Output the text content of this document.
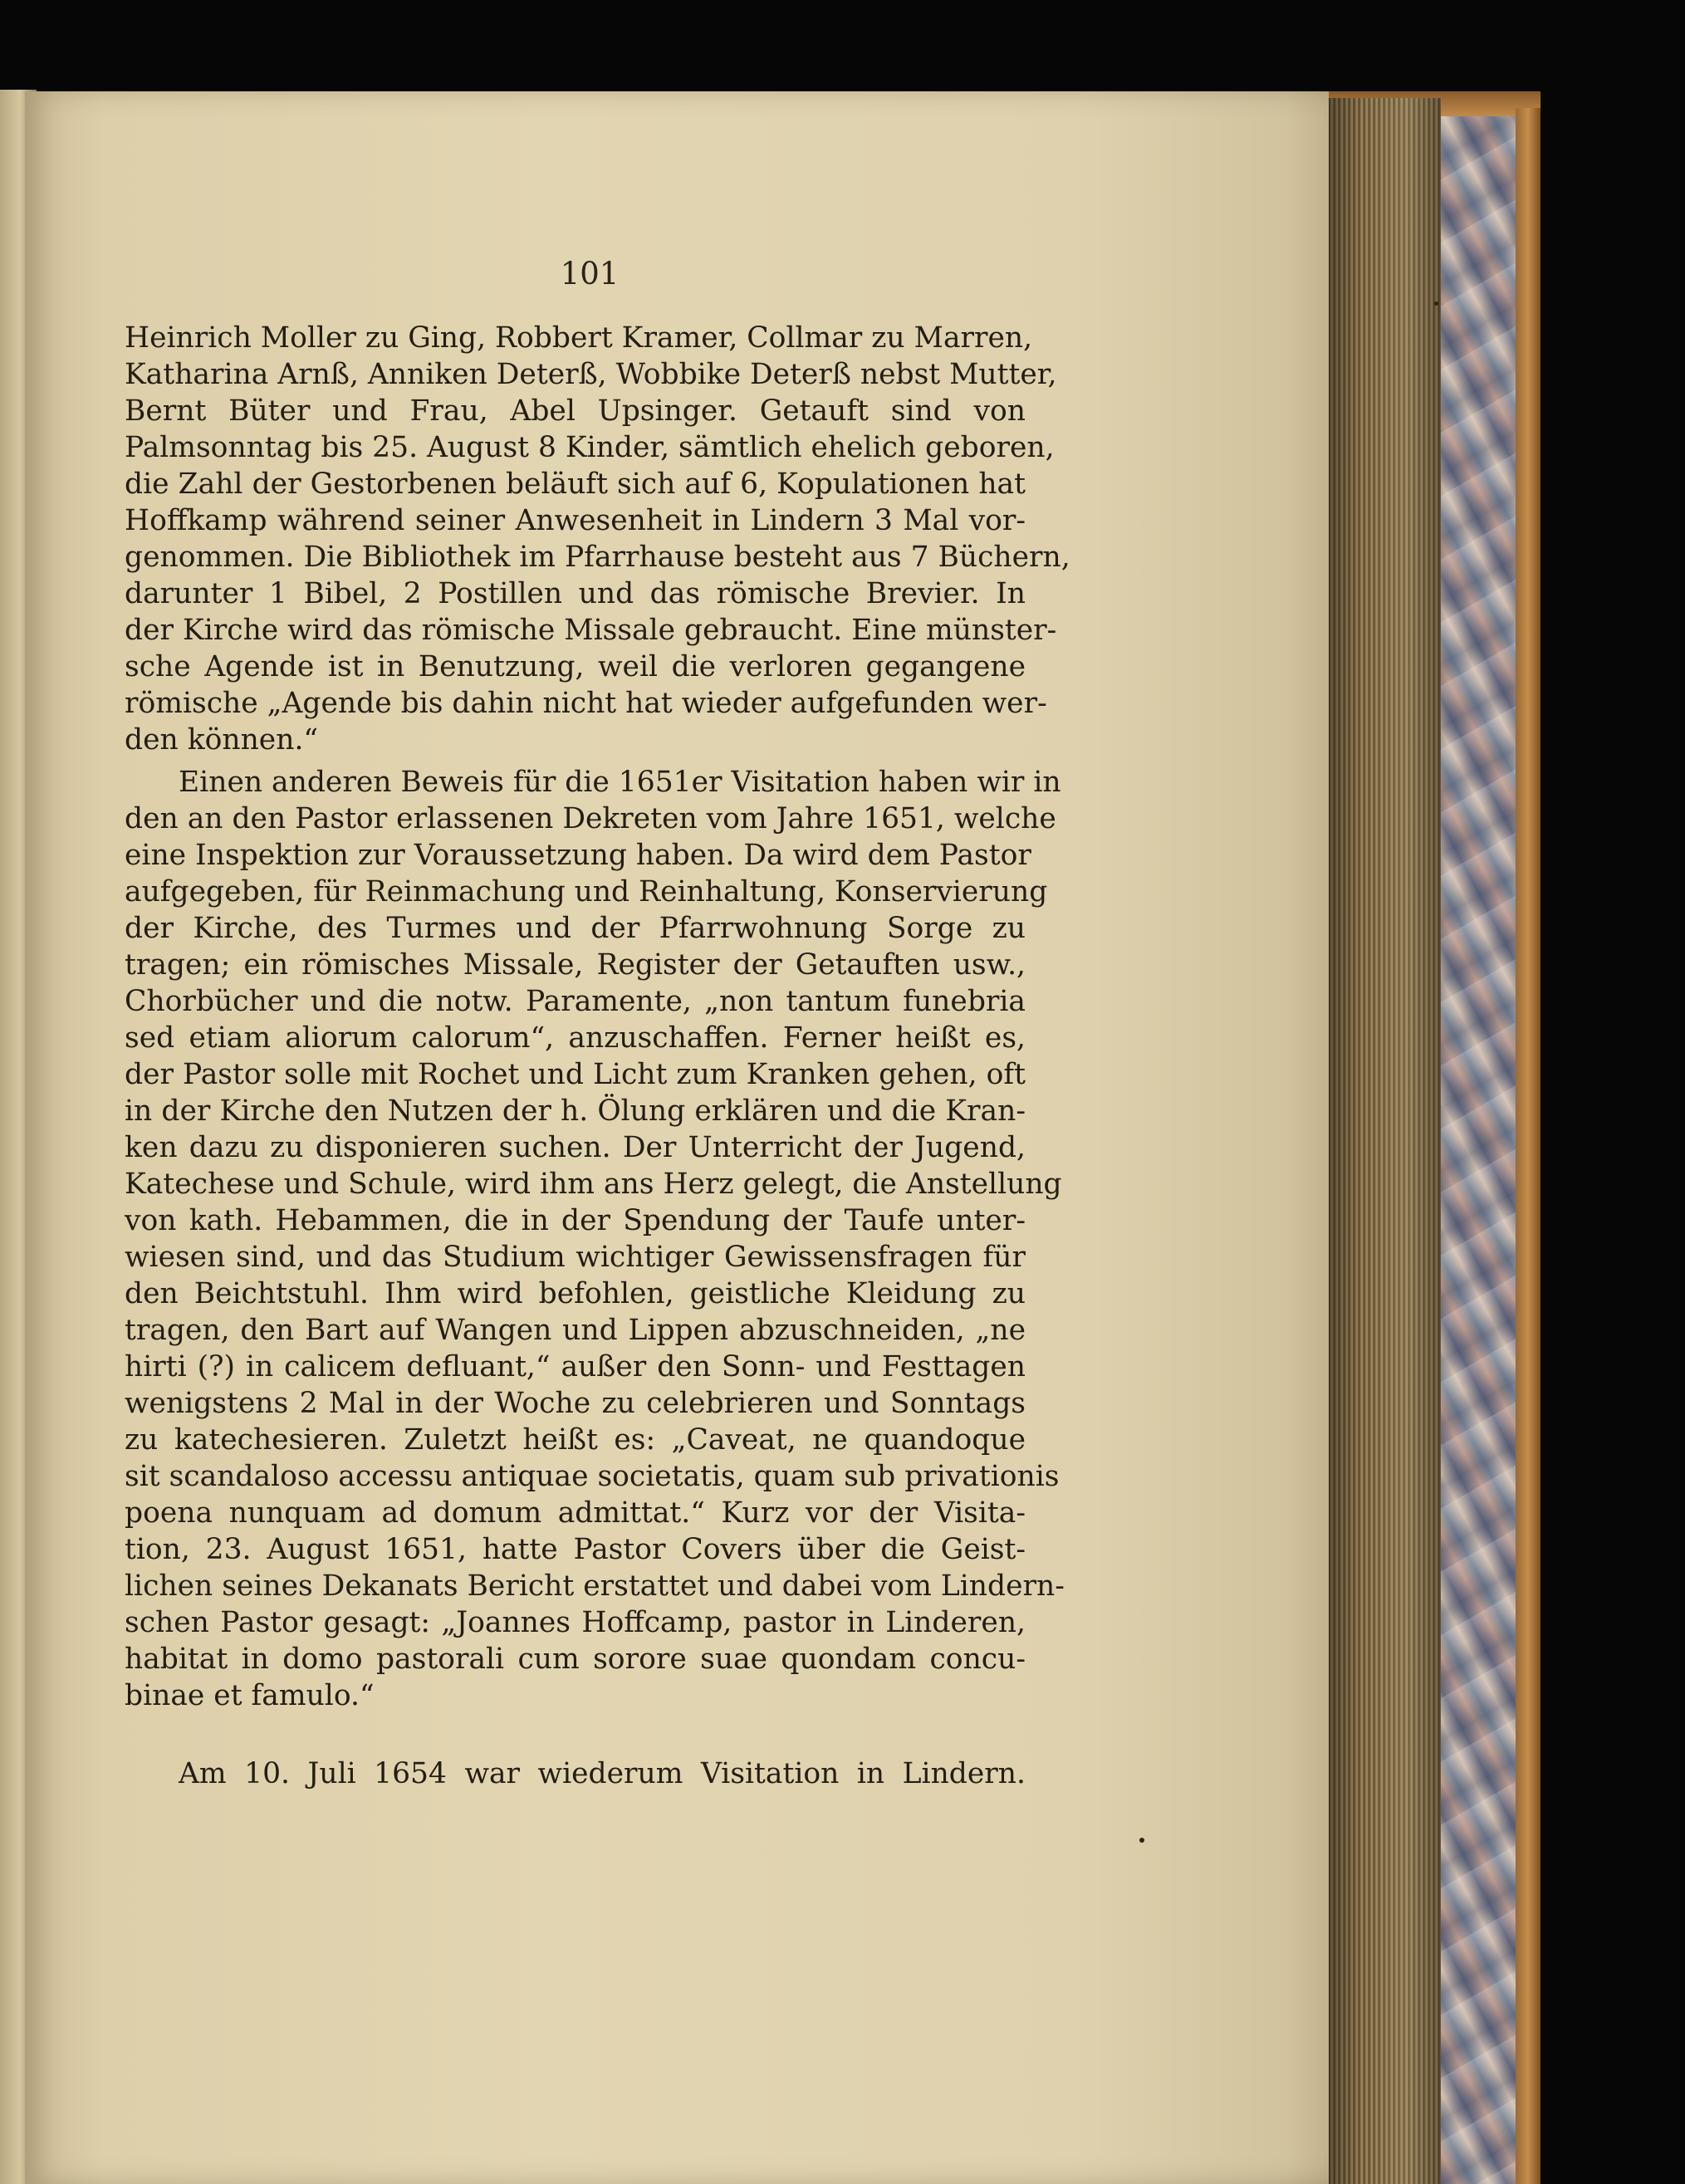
101
Heinrich Moller zu Ging, Robbert Kramer, Collmar zu Marren,
Katharina Arnß, Anniken Deterß, Wobbike Deterß nebst Mutter,
Bernt Büter und Frau, Abel Upsinger. Getauft sind von
Palmsonntag bis 25. August 8 Kinder, sämtlich ehelich geboren,
die Zahl der Gestorbenen beläuft sich auf 6, Kopulationen hat
Hoffkamp während seiner Anwesenheit in Lindern 3 Mal vor-
genommen. Die Bibliothek im Pfarrhause besteht aus 7 Büchern,
darunter 1 Bibel, 2 Postillen und das römische Brevier. In
der Kirche wird das römische Missale gebraucht. Eine münster-
sche Agende ist in Benutzung, weil die verloren gegangene
römische „Agende bis dahin nicht hat wieder aufgefunden wer-
den können.“
Einen anderen Beweis für die 1651er Visitation haben wir in
den an den Pastor erlassenen Dekreten vom Jahre 1651, welche
eine Inspektion zur Voraussetzung haben. Da wird dem Pastor
aufgegeben, für Reinmachung und Reinhaltung, Konservierung
der Kirche, des Turmes und der Pfarrwohnung Sorge zu
tragen; ein römisches Missale, Register der Getauften usw.,
Chorbücher und die notw. Paramente, „non tantum funebria
sed etiam aliorum calorum“, anzuschaffen. Ferner heißt es,
der Pastor solle mit Rochet und Licht zum Kranken gehen, oft
in der Kirche den Nutzen der h. Ölung erklären und die Kran-
ken dazu zu disponieren suchen. Der Unterricht der Jugend,
Katechese und Schule, wird ihm ans Herz gelegt, die Anstellung
von kath. Hebammen, die in der Spendung der Taufe unter-
wiesen sind, und das Studium wichtiger Gewissensfragen für
den Beichtstuhl. Ihm wird befohlen, geistliche Kleidung zu
tragen, den Bart auf Wangen und Lippen abzuschneiden, „ne
hirti (?) in calicem defluant,“ außer den Sonn- und Festtagen
wenigstens 2 Mal in der Woche zu celebrieren und Sonntags
zu katechesieren. Zuletzt heißt es: „Caveat, ne quandoque
sit scandaloso accessu antiquae societatis, quam sub privationis
poena nunquam ad domum admittat.“ Kurz vor der Visita-
tion, 23. August 1651, hatte Pastor Covers über die Geist-
lichen seines Dekanats Bericht erstattet und dabei vom Lindern-
schen Pastor gesagt: „Joannes Hoffcamp, pastor in Linderen,
habitat in domo pastorali cum sorore suae quondam concu-
binae et famulo.“
Am 10. Juli 1654 war wiederum Visitation in Lindern.
